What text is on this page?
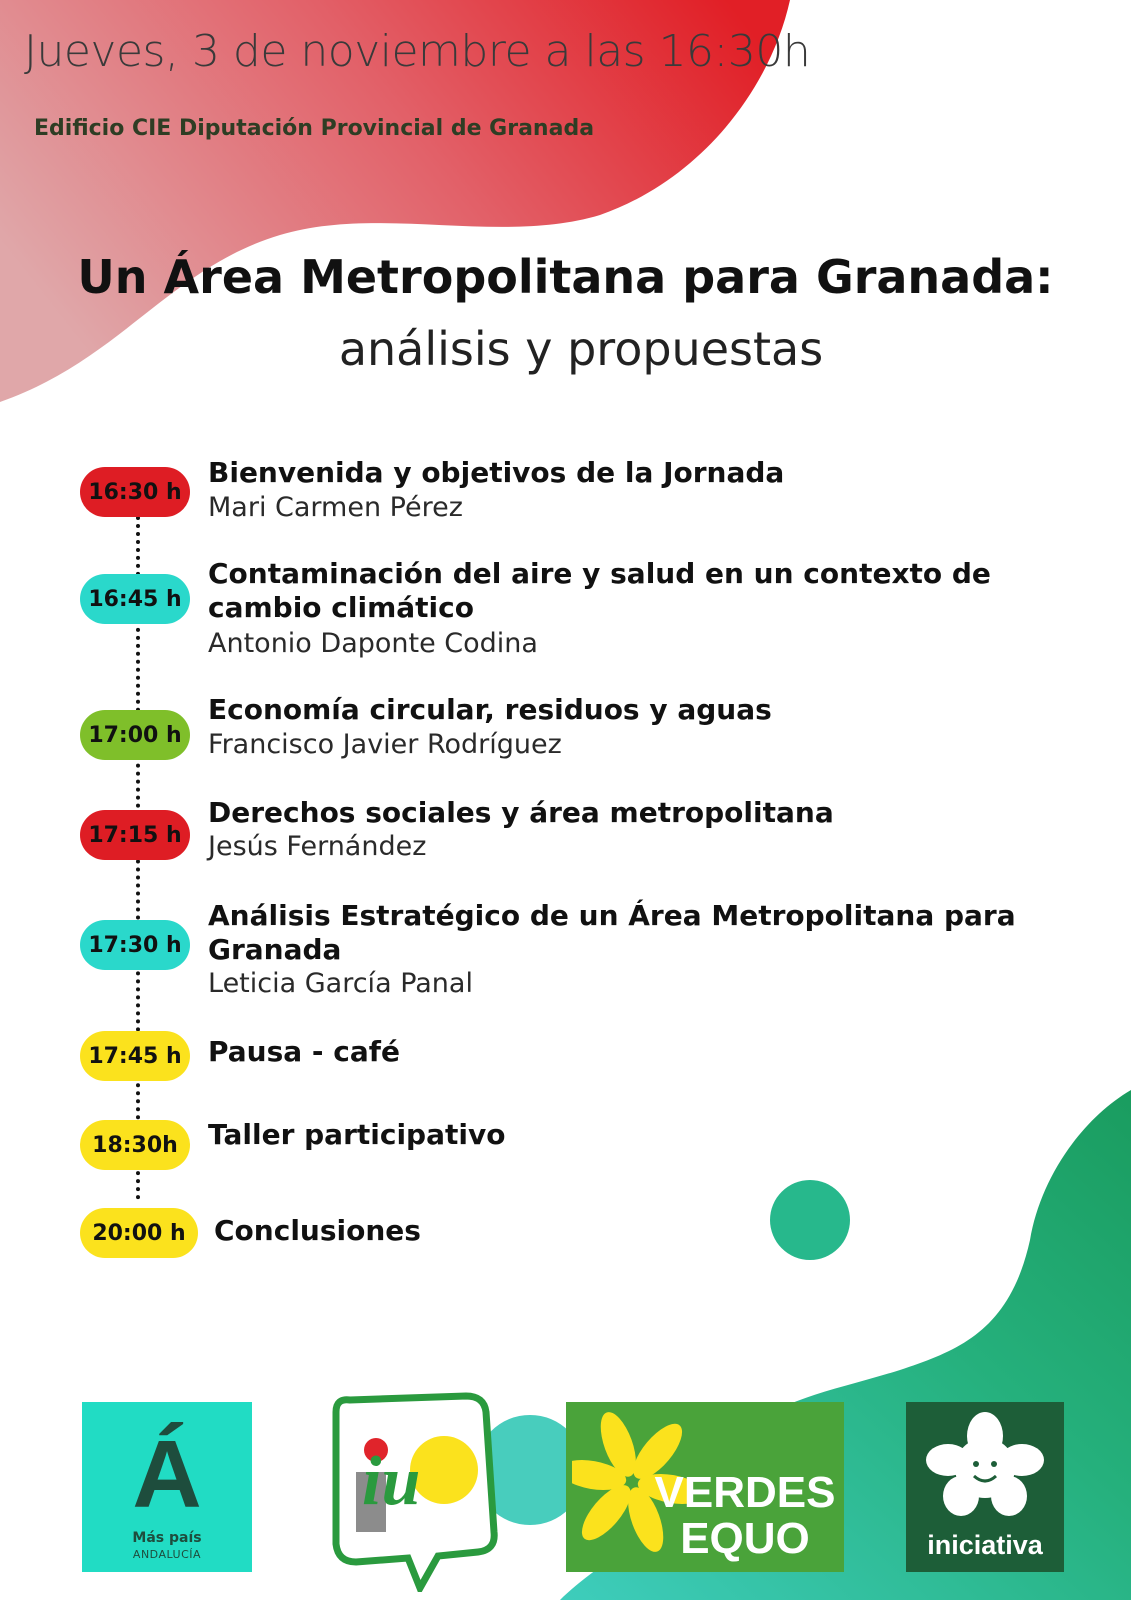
Jueves, 3 de noviembre a las 16:30h
Edificio CIE Diputación Provincial de Granada
Un Área Metropolitana para Granada:
análisis y propuestas
16:30 h
Bienvenida y objetivos de la Jornada
Mari Carmen Pérez
16:45 h
Contaminación del aire y salud en un contexto de cambio climático
Antonio Daponte Codina
17:00 h
Economía circular, residuos y aguas
Francisco Javier Rodríguez
17:15 h
Derechos sociales y área metropolitana
Jesús Fernández
17:30 h
Análisis Estratégico de un Área Metropolitana para Granada
Leticia García Panal
17:45 h Pausa - café
18:30h	Taller participativo
20:00 h	Conclusiones
Á
Más país
ANDALUCÍA
iu	VERDES
EQUO	iniciativa
